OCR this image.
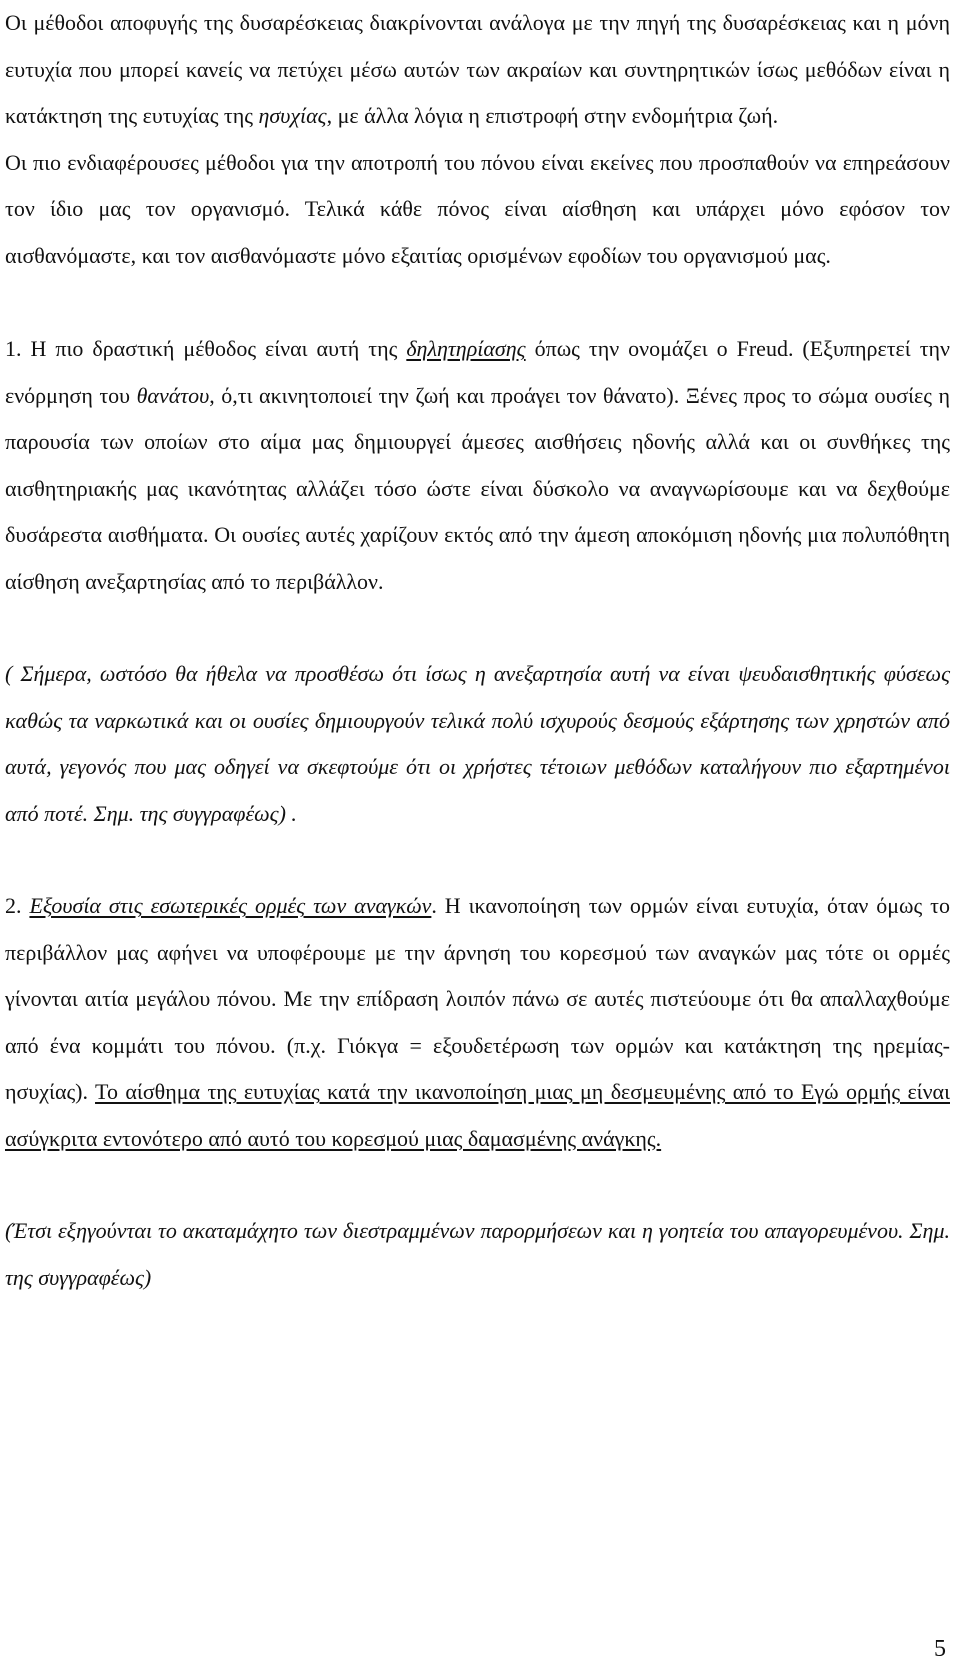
Οι μέθοδοι αποφυγής της δυσαρέσκειας διακρίνονται ανάλογα με την πηγή της δυσαρέσκειας και η μόνη ευτυχία που μπορεί κανείς να πετύχει μέσω αυτών των ακραίων και συντηρητικών ίσως μεθόδων είναι η κατάκτηση της ευτυχίας της ησυχίας, με άλλα λόγια η επιστροφή στην ενδομήτρια ζωή.

Οι πιο ενδιαφέρουσες μέθοδοι για την αποτροπή του πόνου είναι εκείνες που προσπαθούν να επηρεάσουν τον ίδιο μας τον οργανισμό. Τελικά κάθε πόνος είναι αίσθηση και υπάρχει μόνο εφόσον τον αισθανόμαστε, και τον αισθανόμαστε μόνο εξαιτίας ορισμένων εφοδίων του οργανισμού μας.

1. Η πιο δραστική μέθοδος είναι αυτή της δηλητηρίασης όπως την ονομάζει ο Freud. (Εξυπηρετεί την ενόρμηση του θανάτου, ό,τι ακινητοποιεί την ζωή και προάγει τον θάνατο). Ξένες προς το σώμα ουσίες η παρουσία των οποίων στο αίμα μας δημιουργεί άμεσες αισθήσεις ηδονής αλλά και οι συνθήκες της αισθητηριακής μας ικανότητας αλλάζει τόσο ώστε είναι δύσκολο να αναγνωρίσουμε και να δεχθούμε δυσάρεστα αισθήματα. Οι ουσίες αυτές χαρίζουν εκτός από την άμεση αποκόμιση ηδονής μια πολυπόθητη αίσθηση ανεξαρτησίας από το περιβάλλον.

( Σήμερα, ωστόσο θα ήθελα να προσθέσω ότι ίσως η ανεξαρτησία αυτή να είναι ψευδαισθητικής φύσεως καθώς τα ναρκωτικά και οι ουσίες δημιουργούν τελικά πολύ ισχυρούς δεσμούς εξάρτησης των χρηστών από αυτά, γεγονός που μας οδηγεί να σκεφτούμε ότι οι χρήστες τέτοιων μεθόδων καταλήγουν πιο εξαρτημένοι από ποτέ. Σημ. της συγγραφέως) .

2. Εξουσία στις εσωτερικές ορμές των αναγκών. Η ικανοποίηση των ορμών είναι ευτυχία, όταν όμως το περιβάλλον μας αφήνει να υποφέρουμε με την άρνηση του κορεσμού των αναγκών μας τότε οι ορμές γίνονται αιτία μεγάλου πόνου. Με την επίδραση λοιπόν πάνω σε αυτές πιστεύουμε ότι θα απαλλαχθούμε από ένα κομμάτι του πόνου. (π.χ. Γιόκγα = εξουδετέρωση των ορμών και κατάκτηση της ηρεμίας-ησυχίας). Το αίσθημα της ευτυχίας κατά την ικανοποίηση μιας μη δεσμευμένης από το Εγώ ορμής είναι ασύγκριτα εντονότερο από αυτό του κορεσμού μιας δαμασμένης ανάγκης.

(Έτσι εξηγούνται το ακαταμάχητο των διεστραμμένων παρορμήσεων και η γοητεία του απαγορευμένου. Σημ. της συγγραφέως)

5
